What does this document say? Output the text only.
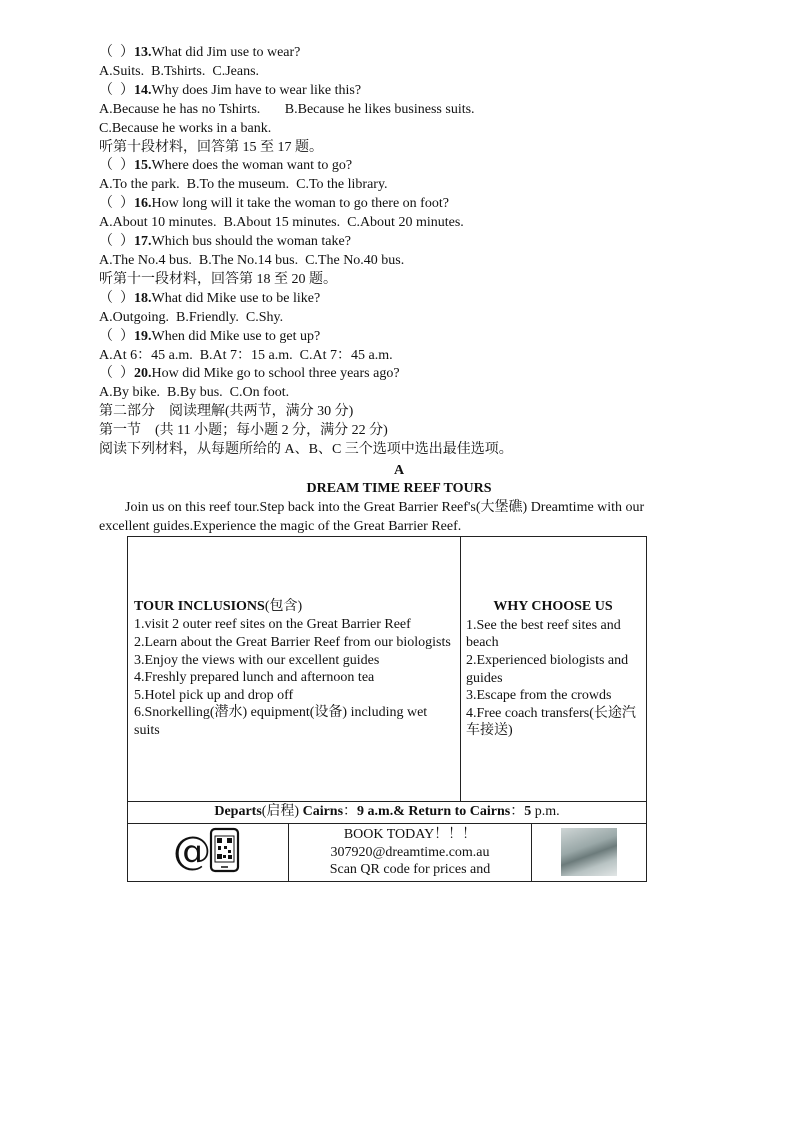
（  ）13.What did Jim use to wear?
A.Suits.  B.Tshirts.  C.Jeans.
（  ）14.Why does Jim have to wear like this?
A.Because he has no Tshirts.       B.Because he likes business suits.
C.Because he works in a bank.
听第十段材料，回答第 15 至 17 题。
（  ）15.Where does the woman want to go?
A.To the park.  B.To the museum.  C.To the library.
（  ）16.How long will it take the woman to go there on foot?
A.About 10 minutes.  B.About 15 minutes.  C.About 20 minutes.
（  ）17.Which bus should the woman take?
A.The No.4 bus.  B.The No.14 bus.  C.The No.40 bus.
听第十一段材料，回答第 18 至 20 题。
（  ）18.What did Mike use to be like?
A.Outgoing.  B.Friendly.  C.Shy.
（  ）19.When did Mike use to get up?
A.At 6：45 a.m.  B.At 7：15 a.m.  C.At 7：45 a.m.
（  ）20.How did Mike go to school three years ago?
A.By bike.  B.By bus.  C.On foot.
第二部分    阅读理解(共两节，满分 30 分)
第一节    (共 11 小题；每小题 2 分，满分 22 分)
阅读下列材料，从每题所给的 A、B、C 三个选项中选出最佳选项。
A
DREAM TIME REEF TOURS
Join us on this reef tour.Step back into the Great Barrier Reef's(大堡礁) Dreamtime with our excellent guides.Experience the magic of the Great Barrier Reef.
TOUR INCLUSIONS(包含)
1.visit 2 outer reef sites on the Great Barrier Reef
2.Learn about the Great Barrier Reef from our biologists
3.Enjoy the views with our excellent guides
4.Freshly prepared lunch and afternoon tea
5.Hotel pick up and drop off
6.Snorkelling(潜水) equipment(设备) including wet suits

WHY CHOOSE US
1.See the best reef sites and beach
2.Experienced biologists and guides
3.Escape from the crowds
4.Free coach transfers(长途汽车接送)

Departs(启程) Cairns：9 a.m.& Return to Cairns：5 p.m.

@	BOOK TODAY！！！
307920@dreamtime.com.au
Scan QR code for prices and
